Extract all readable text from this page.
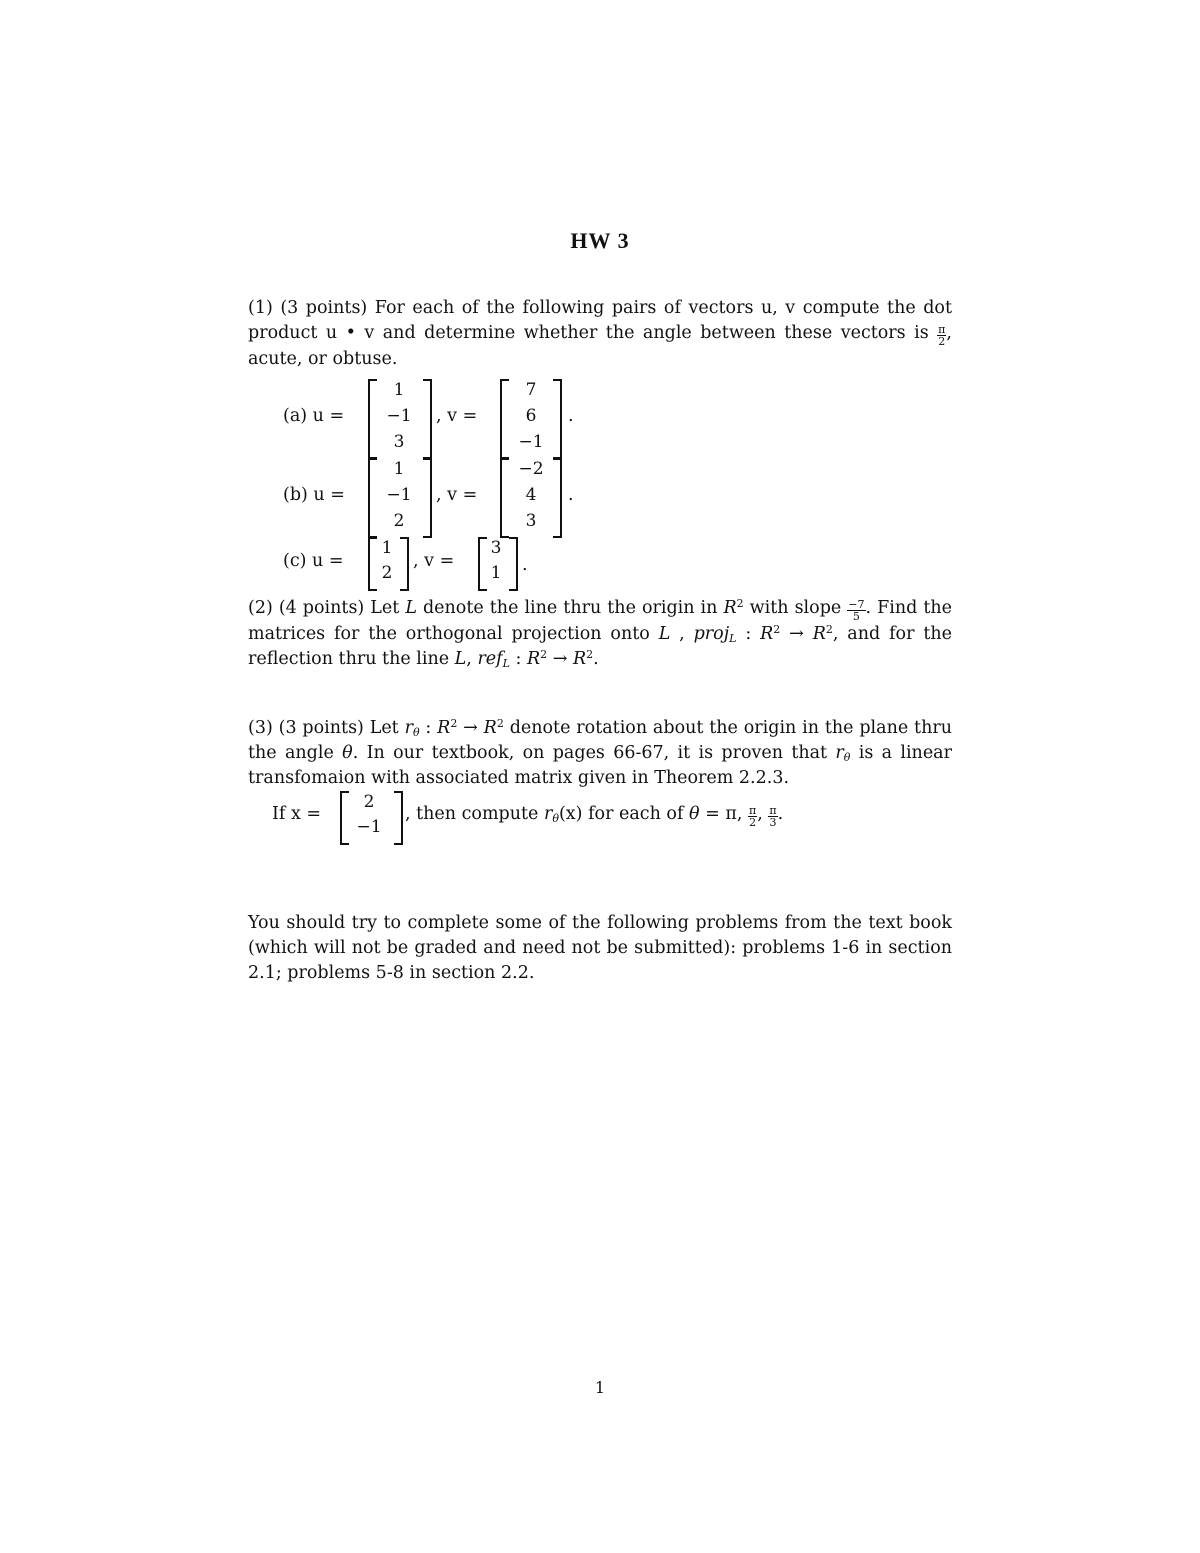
HW 3
(1) (3 points) For each of the following pairs of vectors u, v compute the dot product u • v and determine whether the angle between these vectors is $\frac{\pi}{2}$ , acute, or obtuse.
(a) u =
1
−1
3
, v =
7
6
−1
.
(b) u =
1
−1
2
, v =
−2
4
3
.
(c) u =
1
2
, v =
3
1	.
(2) (4 points) Let L denote the line thru the origin in $R^2$ with slope $\frac{-7}{5}$ . Find the matrices for the orthogonal projection onto L , proj$_L$ : $R^2 \to R^2$, and for the reflection thru the line L, ref$_L$ : $R^2 \to R^2$.
(3) (3 points) Let $r_\theta$ : $R^2 \to R^2$ denote rotation about the origin in the plane thru the angle θ. In our textbook, on pages 66-67, it is proven that $r_\theta$ is a linear transfomaion with associated matrix given in Theorem 2.2.3.
If x =
2
−1
, then compute $r_\theta(x)$ for each of θ = π, $\frac{\pi}{2}$ , $\frac{\pi}{3}$ .
You should try to complete some of the following problems from the text book (which will not be graded and need not be submitted): problems 1-6 in section 2.1; problems 5-8 in section 2.2.
1
